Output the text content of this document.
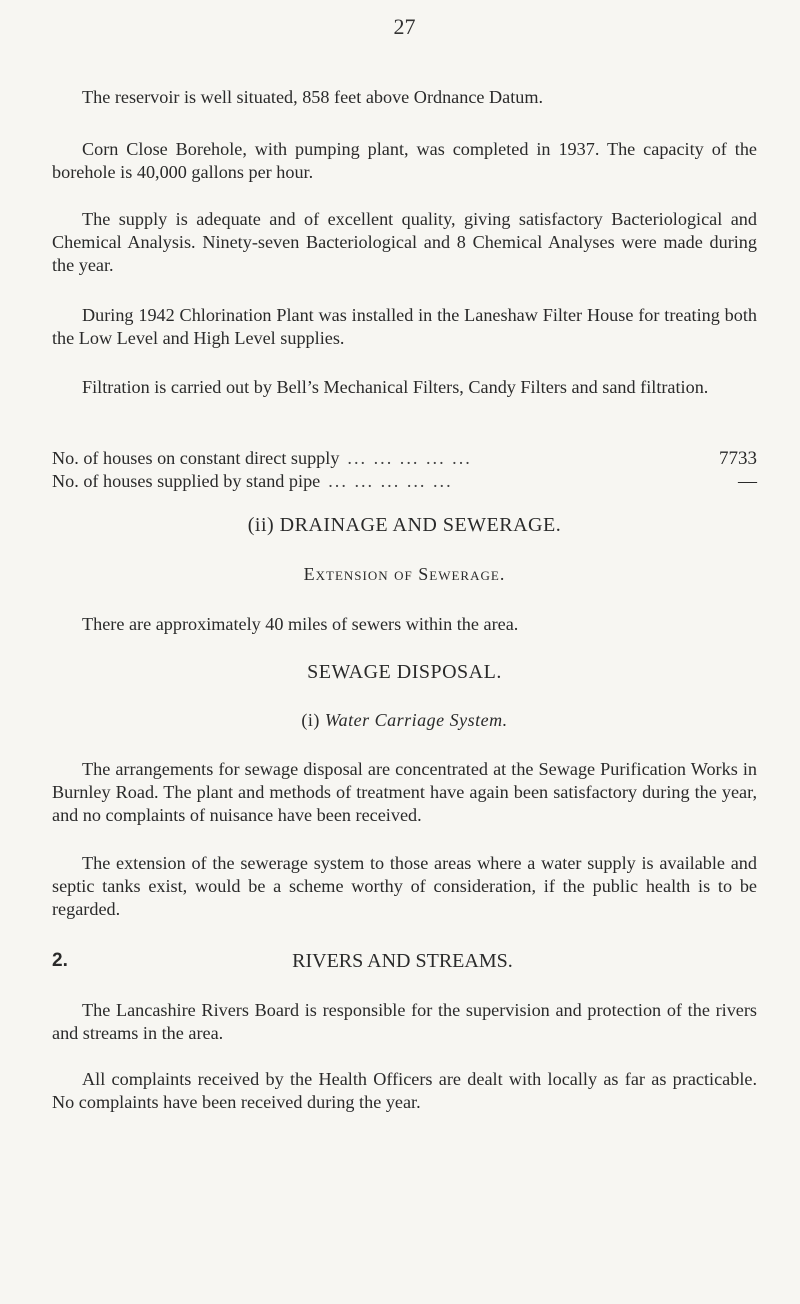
27

The reservoir is well situated, 858 feet above Ordnance Datum.

Corn Close Borehole, with pumping plant, was completed in 1937. The capacity of the borehole is 40,000 gallons per hour.

The supply is adequate and of excellent quality, giving satisfactory Bacteriological and Chemical Analysis. Ninety-seven Bacteriological and 8 Chemical Analyses were made during the year.

During 1942 Chlorination Plant was installed in the Laneshaw Filter House for treating both the Low Level and High Level supplies.

Filtration is carried out by Bell’s Mechanical Filters, Candy Filters and sand filtration.

No. of houses on constant direct supply ... ... ... ... ...	7733
No. of houses supplied by stand pipe ... ... ... ... ...	—
(ii) DRAINAGE AND SEWERAGE.
Extension of Sewerage.

There are approximately 40 miles of sewers within the area.

SEWAGE DISPOSAL.
(i) Water Carriage System.

The arrangements for sewage disposal are concentrated at the Sewage Purification Works in Burnley Road. The plant and methods of treatment have again been satisfactory during the year, and no complaints of nuisance have been received.

The extension of the sewerage system to those areas where a water supply is available and septic tanks exist, would be a scheme worthy of consideration, if the public health is to be regarded.

2.	RIVERS AND STREAMS.

The Lancashire Rivers Board is responsible for the supervision and protection of the rivers and streams in the area.

All complaints received by the Health Officers are dealt with locally as far as practicable. No complaints have been received during the year.
